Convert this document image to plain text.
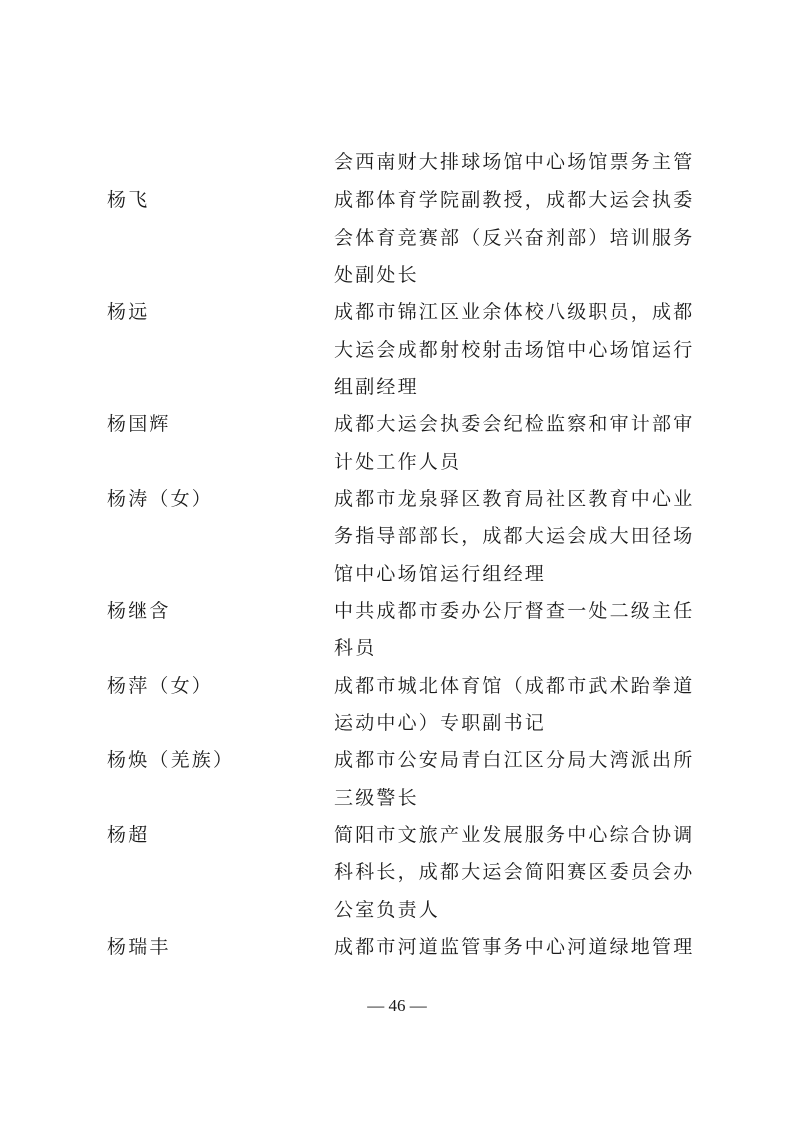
会西南财大排球场馆中心场馆票务主管
杨飞	成都体育学院副教授，成都大运会执委
会体育竞赛部（反兴奋剂部）培训服务
处副处长
杨远	成都市锦江区业余体校八级职员，成都
大运会成都射校射击场馆中心场馆运行
组副经理
杨国辉	成都大运会执委会纪检监察和审计部审
计处工作人员
杨涛（女）	成都市龙泉驿区教育局社区教育中心业
务指导部部长，成都大运会成大田径场
馆中心场馆运行组经理
杨继含	中共成都市委办公厅督查一处二级主任
科员
杨萍（女）	成都市城北体育馆（成都市武术跆拳道
运动中心）专职副书记
杨焕（羌族）	成都市公安局青白江区分局大湾派出所
三级警长
杨超	简阳市文旅产业发展服务中心综合协调
科科长，成都大运会简阳赛区委员会办
公室负责人
杨瑞丰	成都市河道监管事务中心河道绿地管理
— 46 —
